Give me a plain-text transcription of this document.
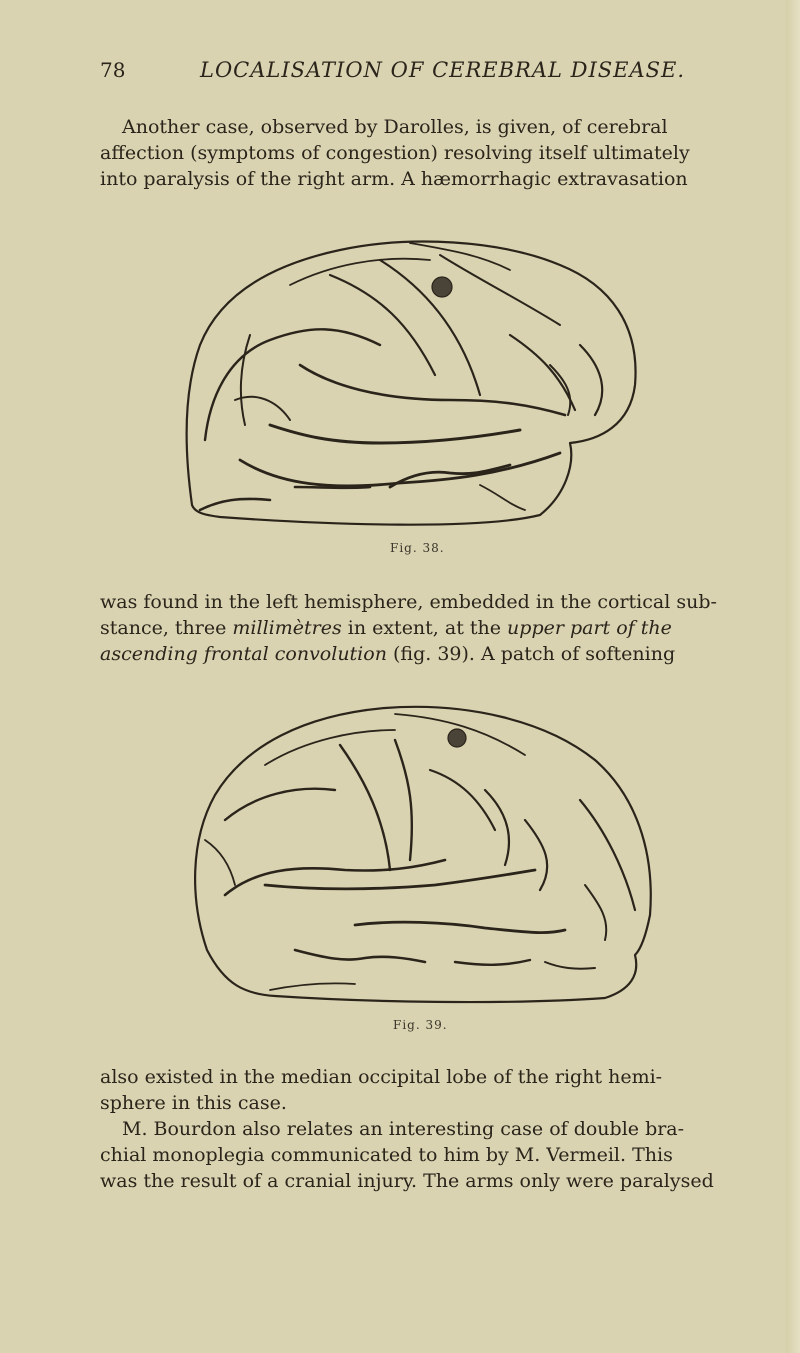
78	LOCALISATION OF CEREBRAL DISEASE.

Another case, observed by Darolles, is given, of cerebral
affection (symptoms of congestion) resolving itself ultimately
into paralysis of the right arm. A hæmorrhagic extravasation

Fig. 38.

was found in the left hemisphere, embedded in the cortical sub-
stance, three millimètres in extent, at the upper part of the
ascending frontal convolution (fig. 39). A patch of softening

Fig. 39.

also existed in the median occipital lobe of the right hemi-
sphere in this case.
M. Bourdon also relates an interesting case of double bra-
chial monoplegia communicated to him by M. Vermeil. This
was the result of a cranial injury. The arms only were paralysed
